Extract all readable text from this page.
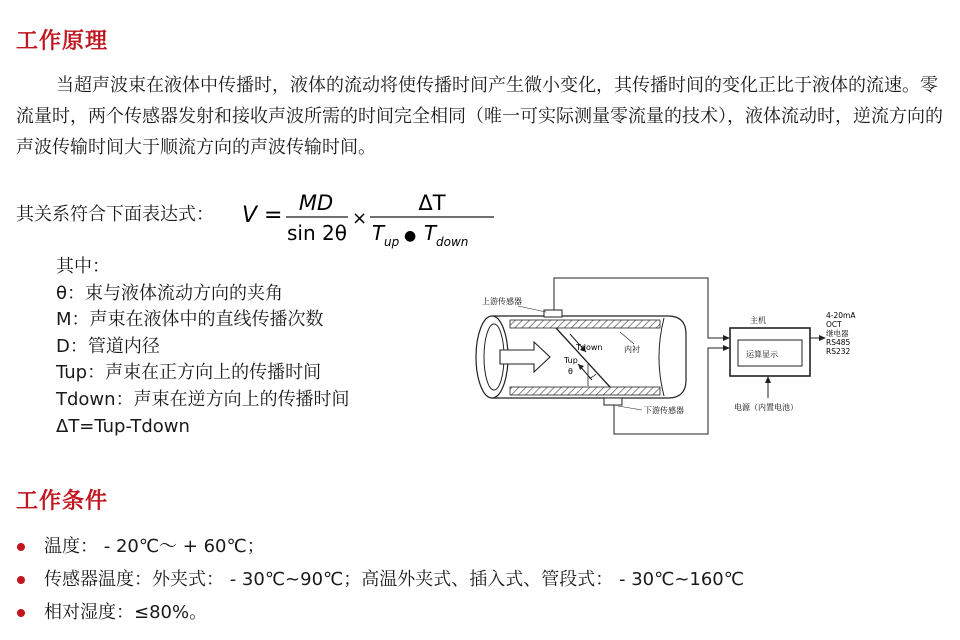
工作原理
当超声波束在液体中传播时，液体的流动将使传播时间产生微小变化，其传播时间的变化正比于液体的流速。零流量时，两个传感器发射和接收声波所需的时间完全相同（唯一可实际测量零流量的技术），液体流动时，逆流方向的声波传输时间大于顺流方向的声波传输时间。
其关系符合下面表达式： V = MD
sin 2θ
×
ΔT
T up ● T down
其中：
θ：束与液体流动方向的夹角
M：声束在液体中的直线传播次数
D：管道内径
Tup：声束在正方向上的传播时间
Tdown：声束在逆方向上的传播时间
ΔT=Tup-Tdown
Tdown
Tup
θ
内衬
上游传感器
下游传感器
主机
运算显示
4-20mA
OCT
继电器
RS485
RS232
电源（内置电池）
工作条件
温度： - 20℃～ + 60℃；
传感器温度：外夹式： - 30℃~90℃；高温外夹式、插入式、管段式： - 30℃~160℃
相对湿度：≤80%。
